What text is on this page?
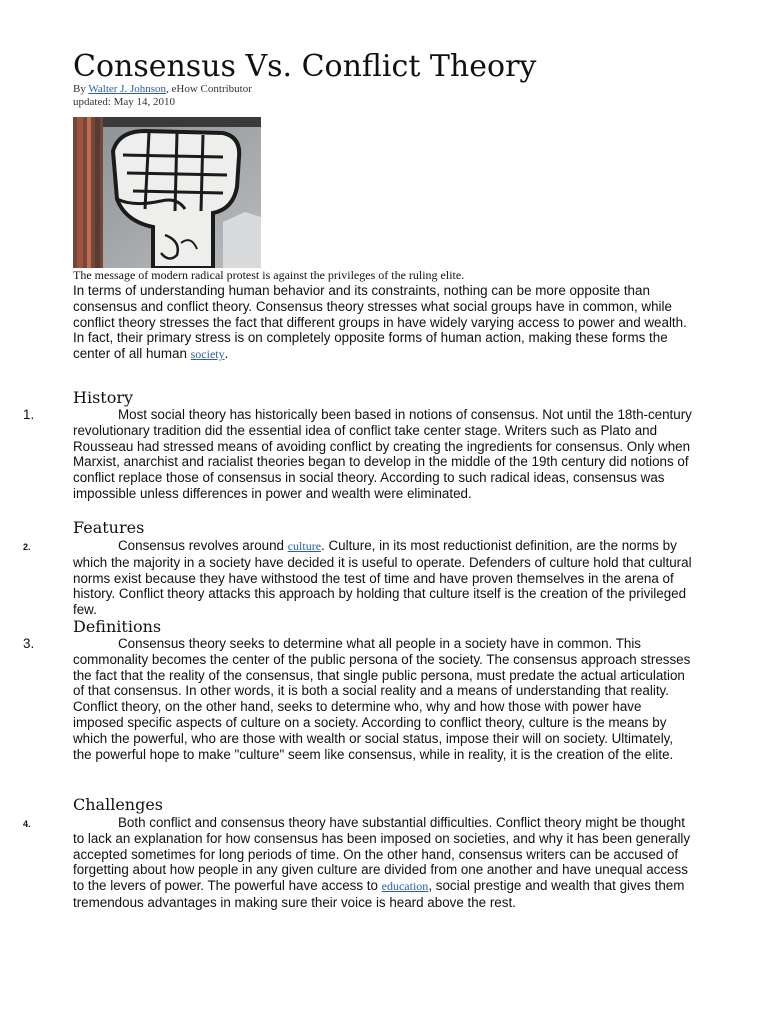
Consensus Vs. Conflict Theory
By Walter J. Johnson, eHow Contributor
updated: May 14, 2010
The message of modern radical protest is against the privileges of the ruling elite.

In terms of understanding human behavior and its constraints, nothing can be more opposite than consensus and conflict theory. Consensus theory stresses what social groups have in common, while conflict theory stresses the fact that different groups in have widely varying access to power and wealth. In fact, their primary stress is on completely opposite forms of human action, making these forms the center of all human society.

History
1.	Most social theory has historically been based in notions of consensus. Not until the 18th-century revolutionary tradition did the essential idea of conflict take center stage. Writers such as Plato and Rousseau had stressed means of avoiding conflict by creating the ingredients for consensus. Only when Marxist, anarchist and racialist theories began to develop in the middle of the 19th century did notions of conflict replace those of consensus in social theory. According to such radical ideas, consensus was impossible unless differences in power and wealth were eliminated.

Features
2.	Consensus revolves around culture. Culture, in its most reductionist definition, are the norms by which the majority in a society have decided it is useful to operate. Defenders of culture hold that cultural norms exist because they have withstood the test of time and have proven themselves in the arena of history. Conflict theory attacks this approach by holding that culture itself is the creation of the privileged few.

Definitions
3.	Consensus theory seeks to determine what all people in a society have in common. This commonality becomes the center of the public persona of the society. The consensus approach stresses the fact that the reality of the consensus, that single public persona, must predate the actual articulation of that consensus. In other words, it is both a social reality and a means of understanding that reality. Conflict theory, on the other hand, seeks to determine who, why and how those with power have imposed specific aspects of culture on a society. According to conflict theory, culture is the means by which the powerful, who are those with wealth or social status, impose their will on society. Ultimately, the powerful hope to make "culture" seem like consensus, while in reality, it is the creation of the elite.

Challenges
4.	Both conflict and consensus theory have substantial difficulties. Conflict theory might be thought to lack an explanation for how consensus has been imposed on societies, and why it has been generally accepted sometimes for long periods of time. On the other hand, consensus writers can be accused of forgetting about how people in any given culture are divided from one another and have unequal access to the levers of power. The powerful have access to education, social prestige and wealth that gives them tremendous advantages in making sure their voice is heard above the rest.
